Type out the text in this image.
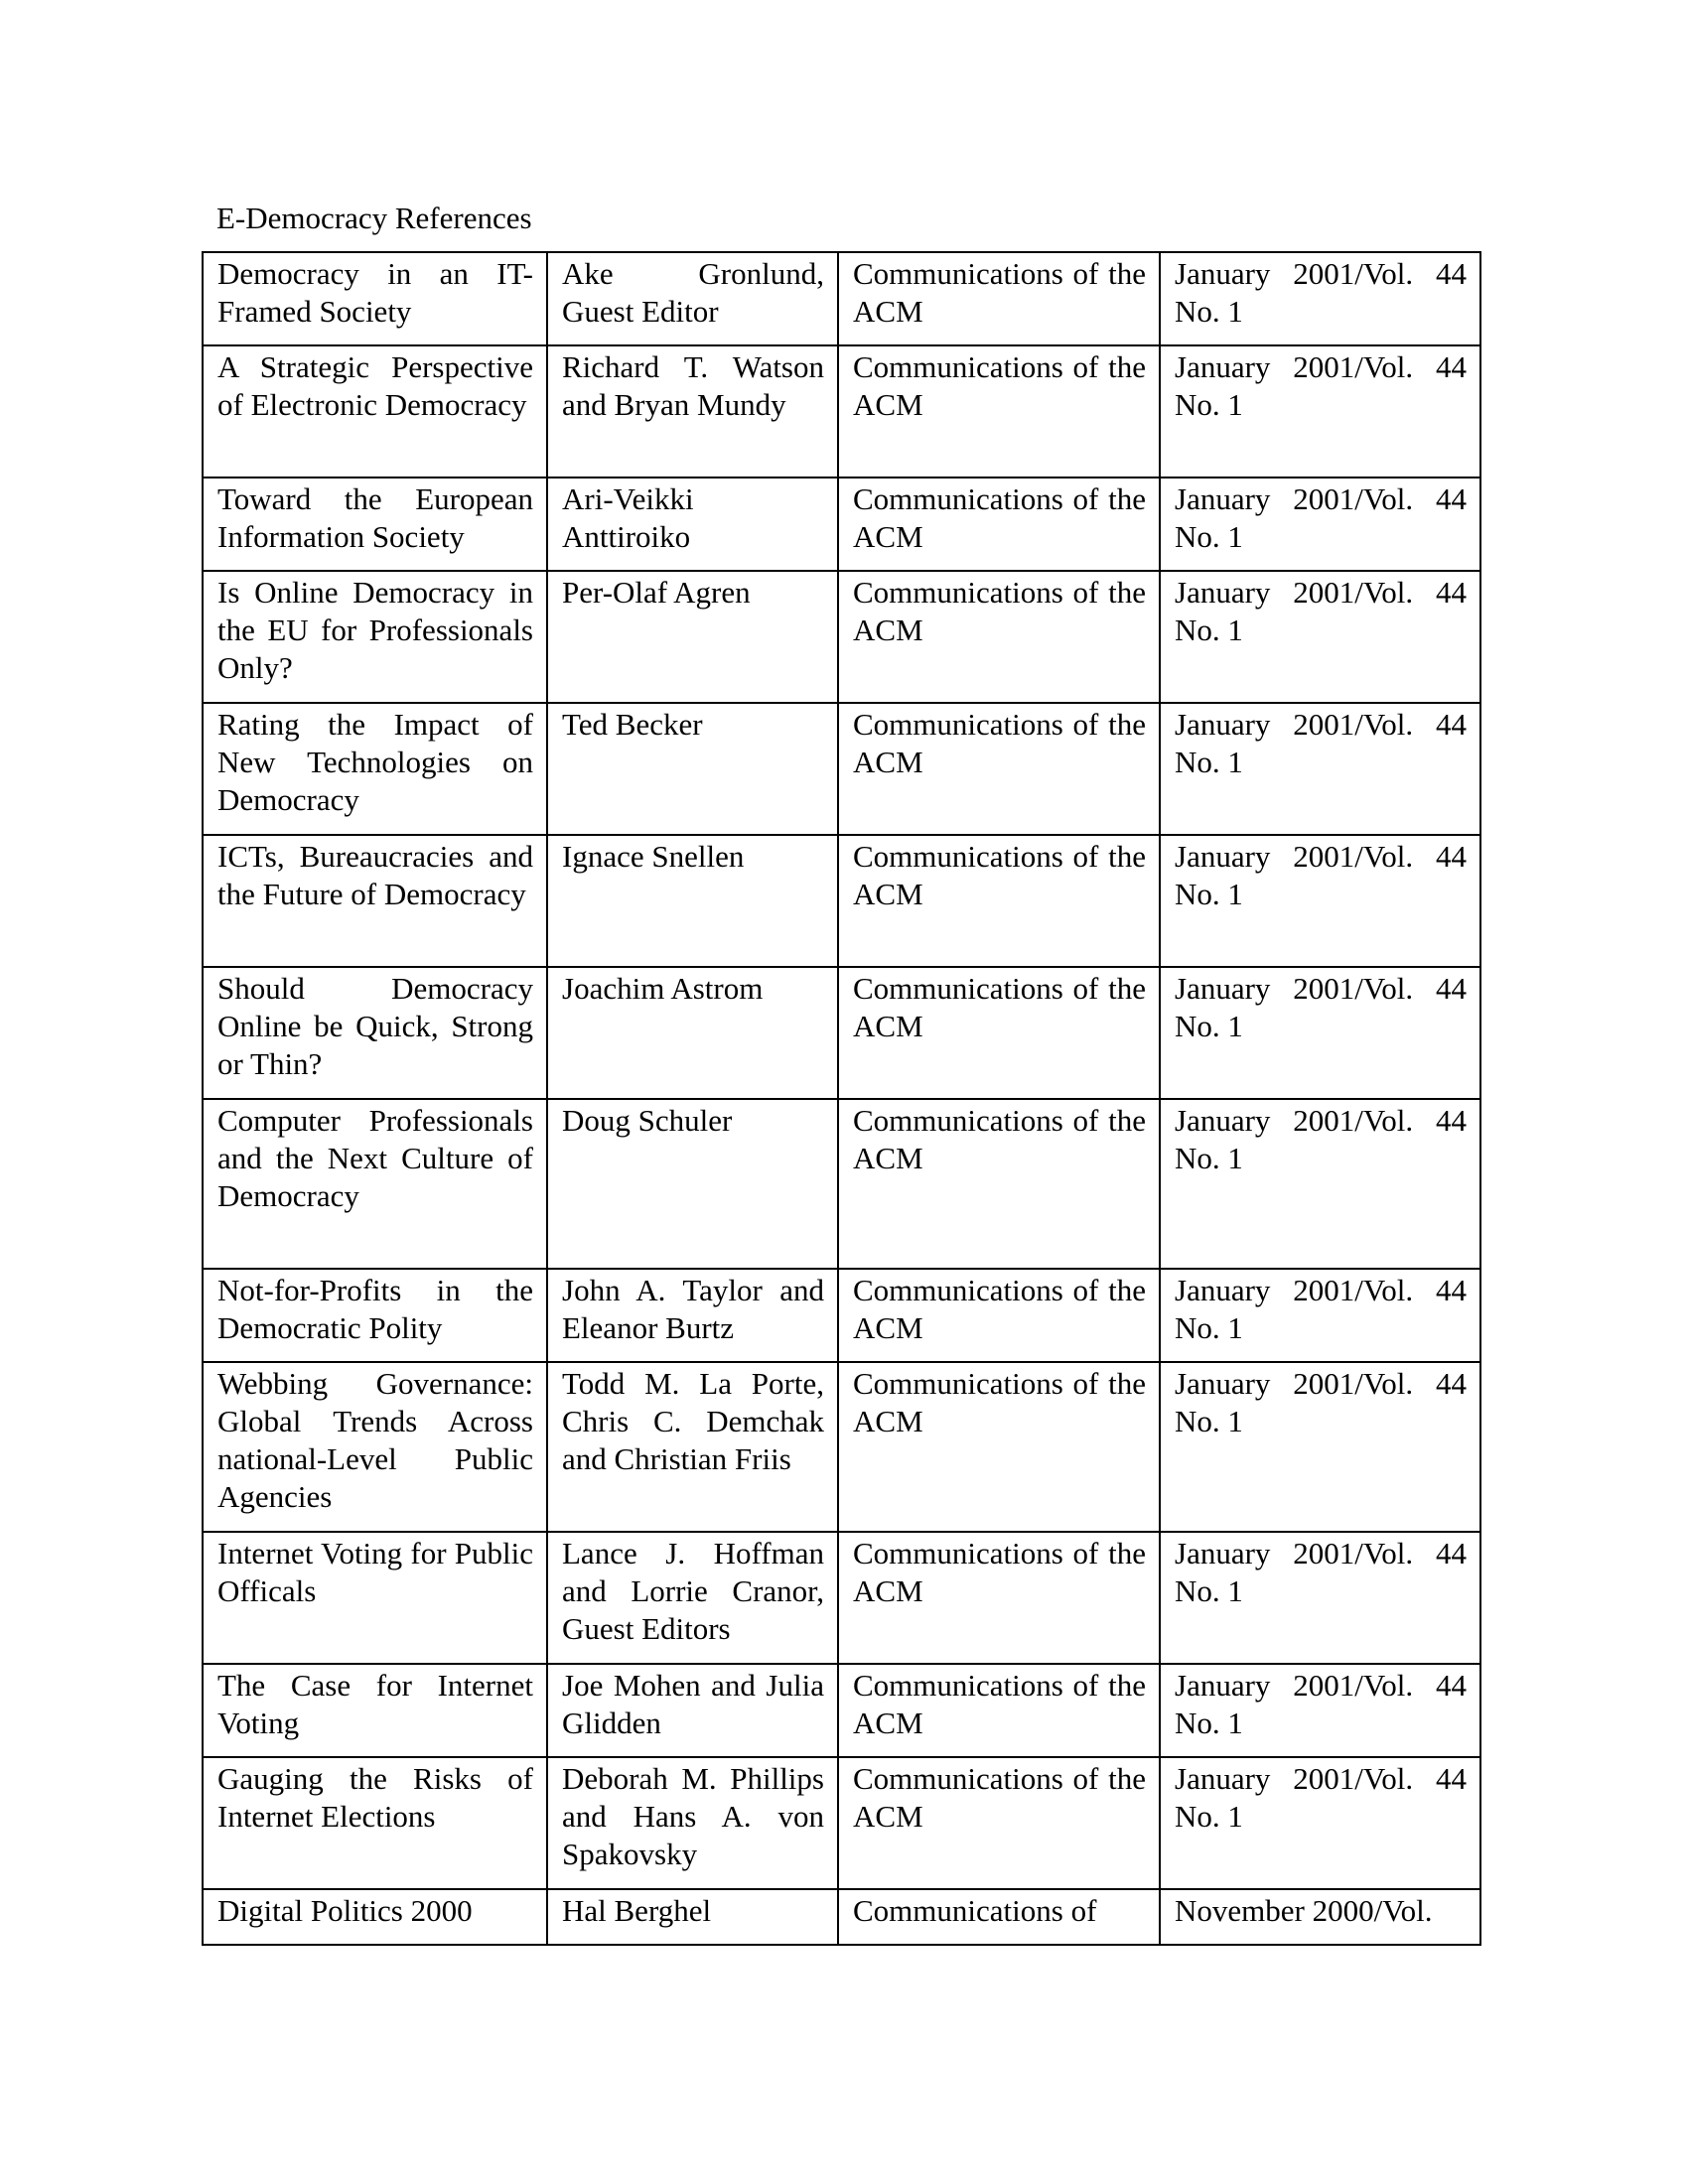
E-Democracy References
Democracy in an IT-Framed Society	Ake Gronlund, Guest Editor	Communications of the ACM	January 2001/Vol. 44 No. 1
A Strategic Perspective of Electronic Democracy	Richard T. Watson and Bryan Mundy	Communications of the ACM	January 2001/Vol. 44 No. 1
Toward the European Information Society	Ari-Veikki Anttiroiko	Communications of the ACM	January 2001/Vol. 44 No. 1
Is Online Democracy in the EU for Professionals Only?	Per-Olaf Agren	Communications of the ACM	January 2001/Vol. 44 No. 1
Rating the Impact of New Technologies on Democracy	Ted Becker	Communications of the ACM	January 2001/Vol. 44 No. 1
ICTs, Bureaucracies and the Future of Democracy	Ignace Snellen	Communications of the ACM	January 2001/Vol. 44 No. 1
Should Democracy Online be Quick, Strong or Thin?	Joachim Astrom	Communications of the ACM	January 2001/Vol. 44 No. 1
Computer Professionals and the Next Culture of Democracy	Doug Schuler	Communications of the ACM	January 2001/Vol. 44 No. 1
Not-for-Profits in the Democratic Polity	John A. Taylor and Eleanor Burtz	Communications of the ACM	January 2001/Vol. 44 No. 1
Webbing Governance: Global Trends Across national-Level Public Agencies	Todd M. La Porte, Chris C. Demchak and Christian Friis	Communications of the ACM	January 2001/Vol. 44 No. 1
Internet Voting for Public Officals	Lance J. Hoffman and Lorrie Cranor, Guest Editors	Communications of the ACM	January 2001/Vol. 44 No. 1
The Case for Internet Voting	Joe Mohen and Julia Glidden	Communications of the ACM	January 2001/Vol. 44 No. 1
Gauging the Risks of Internet Elections	Deborah M. Phillips and Hans A. von Spakovsky	Communications of the ACM	January 2001/Vol. 44 No. 1
Digital Politics 2000	Hal Berghel	Communications of	November 2000/Vol.
